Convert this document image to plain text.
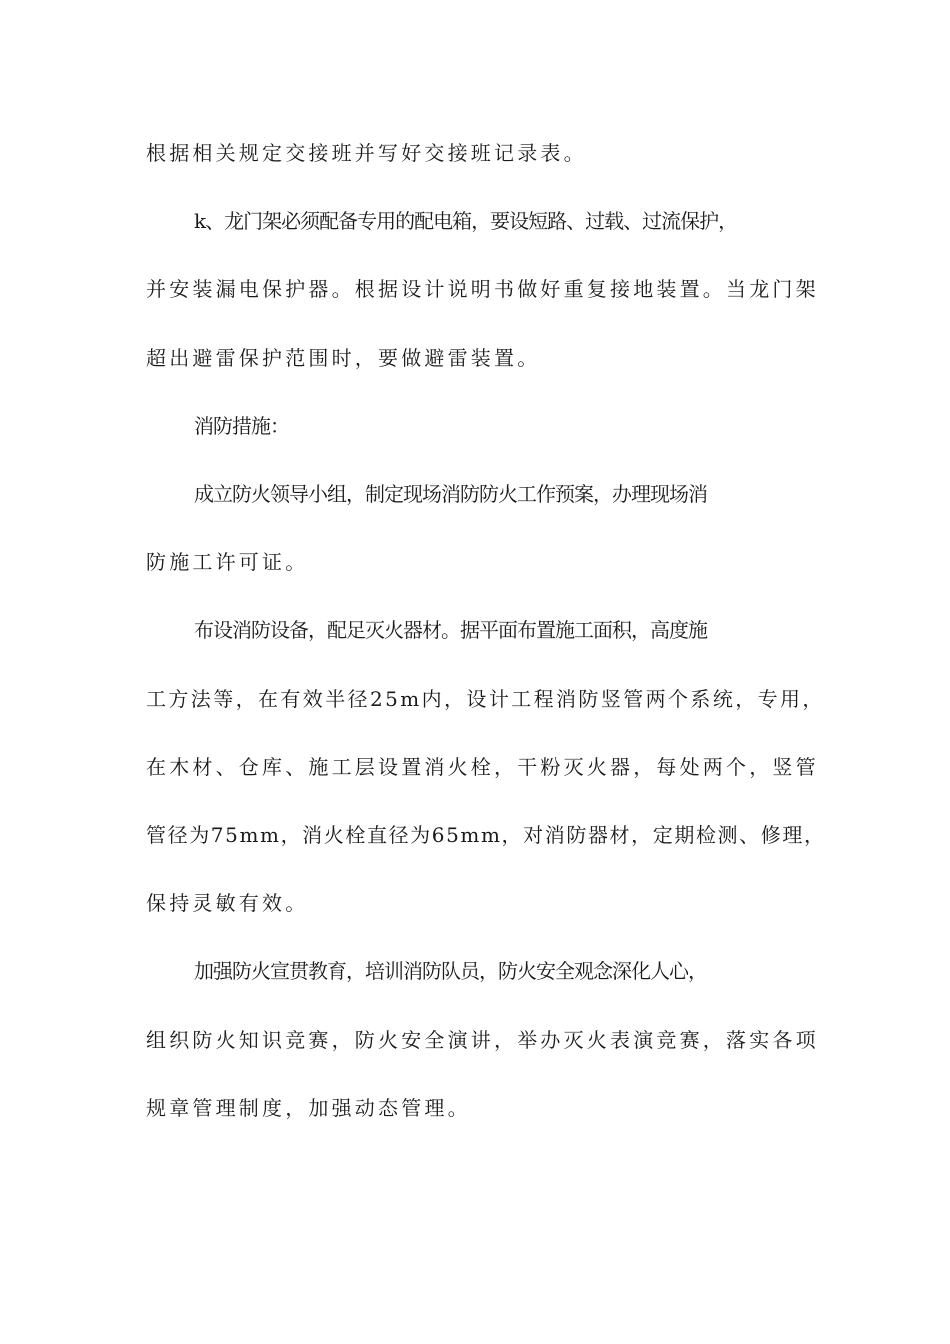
根据相关规定交接班并写好交接班记录表。

k、龙门架必须配备专用的配电箱，要设短路、过载、过流保护，

并安装漏电保护器。根据设计说明书做好重复接地装置。当龙门架

超出避雷保护范围时，要做避雷装置。

消防措施：

成立防火领导小组，制定现场消防防火工作预案，办理现场消

防施工许可证。

布设消防设备，配足灭火器材。据平面布置施工面积，高度施

工方法等，在有效半径25m内，设计工程消防竖管两个系统，专用，

在木材、仓库、施工层设置消火栓，干粉灭火器，每处两个，竖管

管径为75mm，消火栓直径为65mm，对消防器材，定期检测、修理，

保持灵敏有效。

加强防火宣贯教育，培训消防队员，防火安全观念深化人心，

组织防火知识竞赛，防火安全演讲，举办灭火表演竞赛，落实各项

规章管理制度，加强动态管理。
